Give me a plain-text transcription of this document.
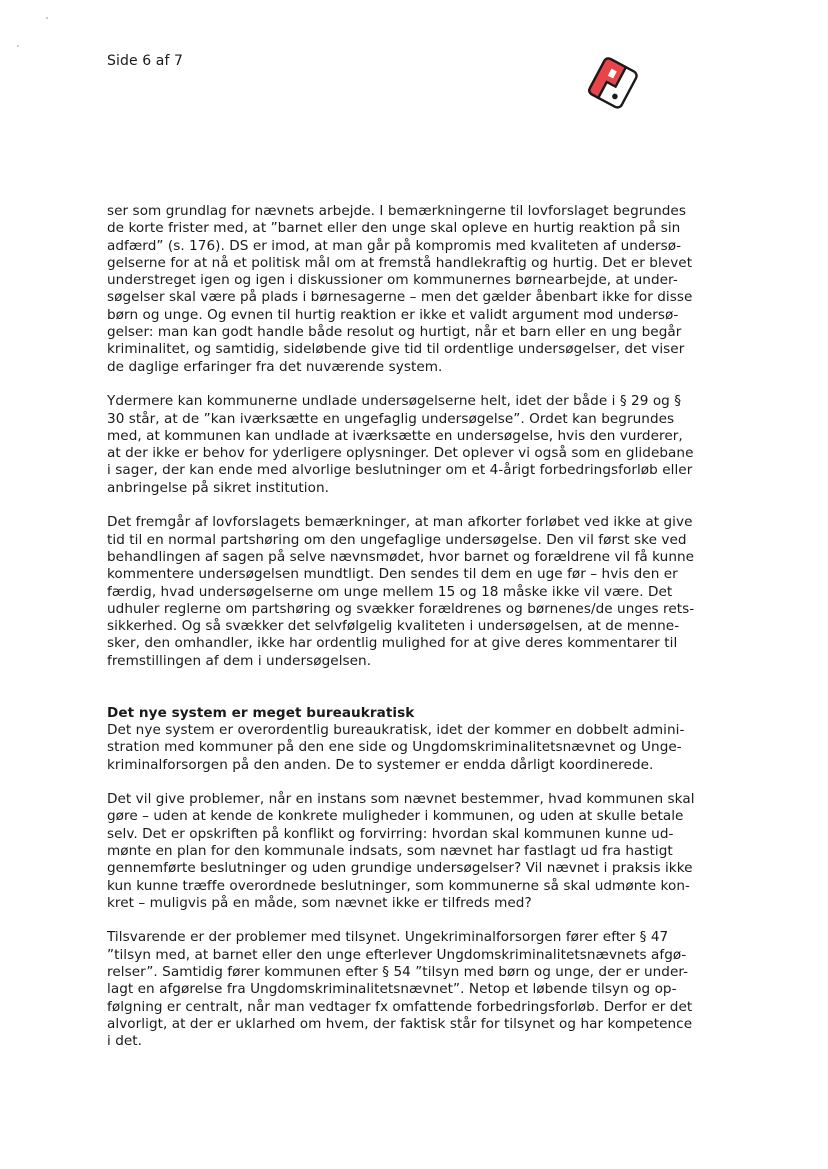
Side 6 af 7
ser som grundlag for nævnets arbejde. I bemærkningerne til lovforslaget begrundes
de korte frister med, at ”barnet eller den unge skal opleve en hurtig reaktion på sin
adfærd” (s. 176). DS er imod, at man går på kompromis med kvaliteten af undersø-
gelserne for at nå et politisk mål om at fremstå handlekraftig og hurtig. Det er blevet
understreget igen og igen i diskussioner om kommunernes børnearbejde, at under-
søgelser skal være på plads i børnesagerne – men det gælder åbenbart ikke for disse
børn og unge. Og evnen til hurtig reaktion er ikke et validt argument mod undersø-
gelser: man kan godt handle både resolut og hurtigt, når et barn eller en ung begår
kriminalitet, og samtidig, sideløbende give tid til ordentlige undersøgelser, det viser
de daglige erfaringer fra det nuværende system.
Ydermere kan kommunerne undlade undersøgelserne helt, idet der både i § 29 og §
30 står, at de ”kan iværksætte en ungefaglig undersøgelse”. Ordet kan begrundes
med, at kommunen kan undlade at iværksætte en undersøgelse, hvis den vurderer,
at der ikke er behov for yderligere oplysninger. Det oplever vi også som en glidebane
i sager, der kan ende med alvorlige beslutninger om et 4-årigt forbedringsforløb eller
anbringelse på sikret institution.
Det fremgår af lovforslagets bemærkninger, at man afkorter forløbet ved ikke at give
tid til en normal partshøring om den ungefaglige undersøgelse. Den vil først ske ved
behandlingen af sagen på selve nævnsmødet, hvor barnet og forældrene vil få kunne
kommentere undersøgelsen mundtligt. Den sendes til dem en uge før – hvis den er
færdig, hvad undersøgelserne om unge mellem 15 og 18 måske ikke vil være. Det
udhuler reglerne om partshøring og svækker forældrenes og børnenes/de unges rets-
sikkerhed. Og så svækker det selvfølgelig kvaliteten i undersøgelsen, at de menne-
sker, den omhandler, ikke har ordentlig mulighed for at give deres kommentarer til
fremstillingen af dem i undersøgelsen.
Det nye system er meget bureaukratisk
Det nye system er overordentlig bureaukratisk, idet der kommer en dobbelt admini-
stration med kommuner på den ene side og Ungdomskriminalitetsnævnet og Unge-
kriminalforsorgen på den anden. De to systemer er endda dårligt koordinerede.
Det vil give problemer, når en instans som nævnet bestemmer, hvad kommunen skal
gøre – uden at kende de konkrete muligheder i kommunen, og uden at skulle betale
selv. Det er opskriften på konflikt og forvirring: hvordan skal kommunen kunne ud-
mønte en plan for den kommunale indsats, som nævnet har fastlagt ud fra hastigt
gennemførte beslutninger og uden grundige undersøgelser? Vil nævnet i praksis ikke
kun kunne træffe overordnede beslutninger, som kommunerne så skal udmønte kon-
kret – muligvis på en måde, som nævnet ikke er tilfreds med?
Tilsvarende er der problemer med tilsynet. Ungekriminalforsorgen fører efter § 47
”tilsyn med, at barnet eller den unge efterlever Ungdomskriminalitetsnævnets afgø-
relser”. Samtidig fører kommunen efter § 54 ”tilsyn med børn og unge, der er under-
lagt en afgørelse fra Ungdomskriminalitetsnævnet”. Netop et løbende tilsyn og op-
følgning er centralt, når man vedtager fx omfattende forbedringsforløb. Derfor er det
alvorligt, at der er uklarhed om hvem, der faktisk står for tilsynet og har kompetence
i det.
